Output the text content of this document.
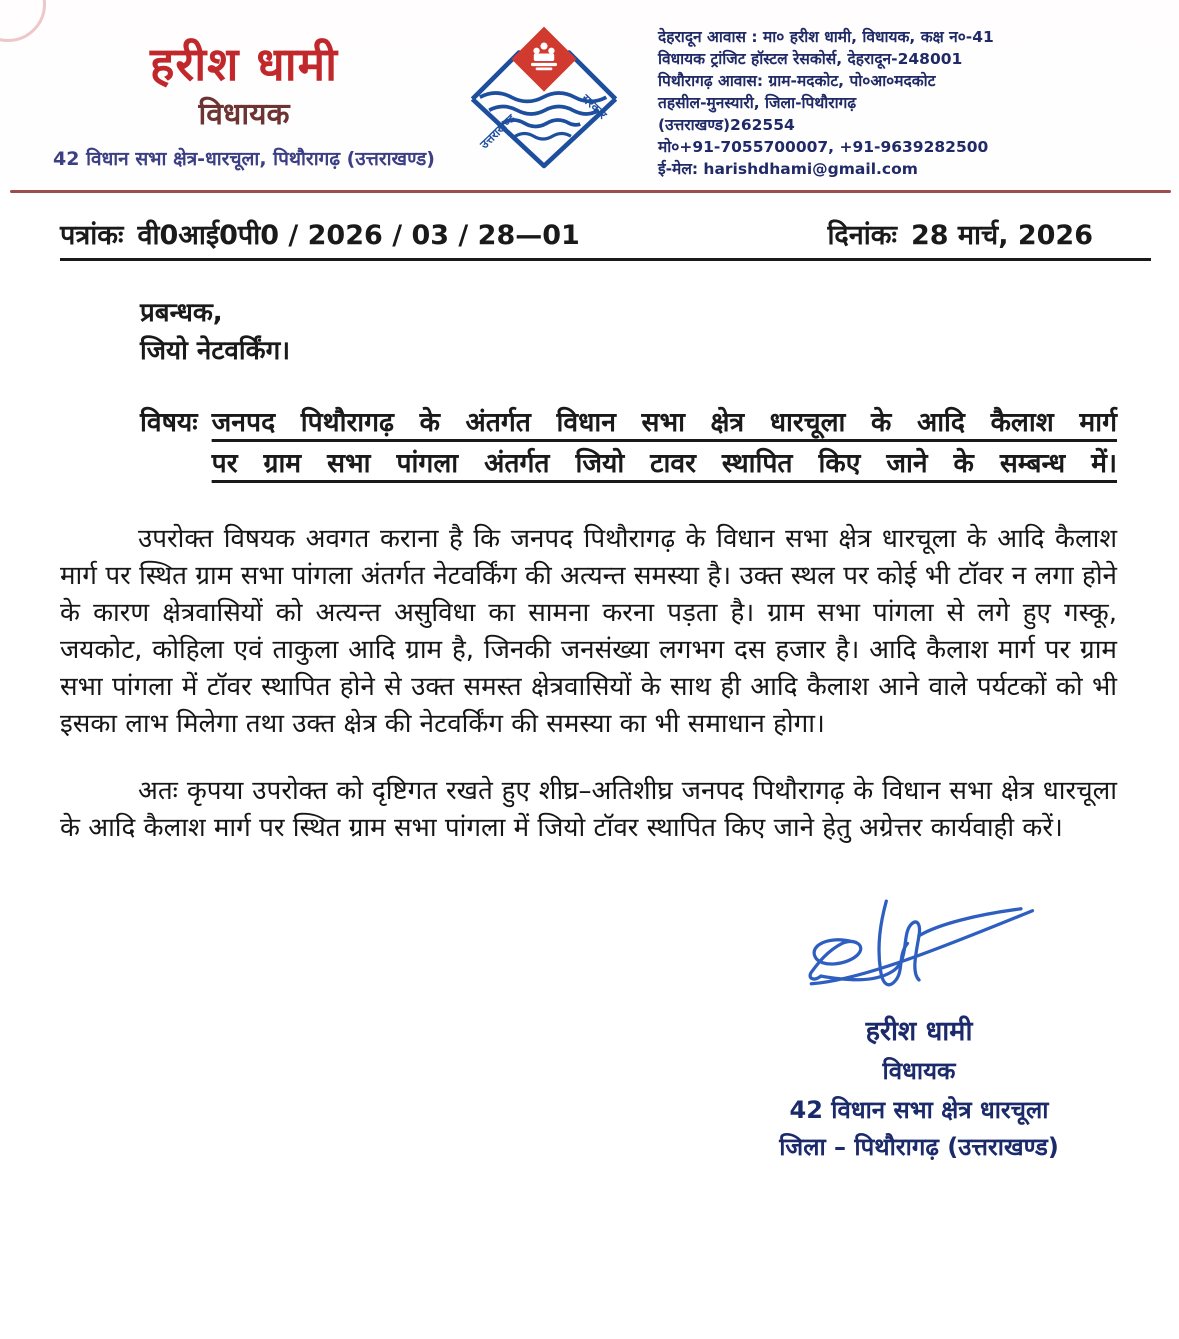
हरीश धामी
विधायक
42 विधान सभा क्षेत्र-धारचूला, पिथौरागढ़ (उत्तराखण्ड)
उत्तराखण्ड
सरकार
देहरादून आवास : मा० हरीश धामी, विधायक, कक्ष न०-41
विधायक ट्रांजिट हॉस्टल रेसकोर्स, देहरादून-248001
पिथौरागढ़ आवास: ग्राम-मदकोट, पो०आ०मदकोट
तहसील-मुनस्यारी, जिला-पिथौरागढ़
(उत्तराखण्ड)262554
मो०+91-7055700007, +91-9639282500
ई-मेल: harishdhami@gmail.com
पत्रांकः वी0आई0पी0 / 2026 / 03 / 28—01	दिनांकः 28 मार्च, 2026
प्रबन्धक,
जियो नेटवर्किंग।
विषयः जनपद पिथौरागढ़ के अंतर्गत विधान सभा क्षेत्र धारचूला के आदि कैलाश मार्ग
पर ग्राम सभा पांगला अंतर्गत जियो टावर स्थापित किए जाने के सम्बन्ध में।

उपरोक्त विषयक अवगत कराना है कि जनपद पिथौरागढ़ के विधान सभा क्षेत्र धारचूला के आदि कैलाश मार्ग पर स्थित ग्राम सभा पांगला अंतर्गत नेटवर्किंग की अत्यन्त समस्या है। उक्त स्थल पर कोई भी टॉवर न लगा होने के कारण क्षेत्रवासियों को अत्यन्त असुविधा का सामना करना पड़ता है। ग्राम सभा पांगला से लगे हुए गस्कू, जयकोट, कोहिला एवं ताकुला आदि ग्राम है, जिनकी जनसंख्या लगभग दस हजार है। आदि कैलाश मार्ग पर ग्राम सभा पांगला में टॉवर स्थापित होने से उक्त समस्त क्षेत्रवासियों के साथ ही आदि कैलाश आने वाले पर्यटकों को भी इसका लाभ मिलेगा तथा उक्त क्षेत्र की नेटवर्किंग की समस्या का भी समाधान होगा।

अतः कृपया उपरोक्त को दृष्टिगत रखते हुए शीघ्र–अतिशीघ्र जनपद पिथौरागढ़ के विधान सभा क्षेत्र धारचूला के आदि कैलाश मार्ग पर स्थित ग्राम सभा पांगला में जियो टॉवर स्थापित किए जाने हेतु अग्रेत्तर कार्यवाही करें।

हरीश धामी
विधायक
42 विधान सभा क्षेत्र धारचूला
जिला – पिथौरागढ़ (उत्तराखण्ड)
